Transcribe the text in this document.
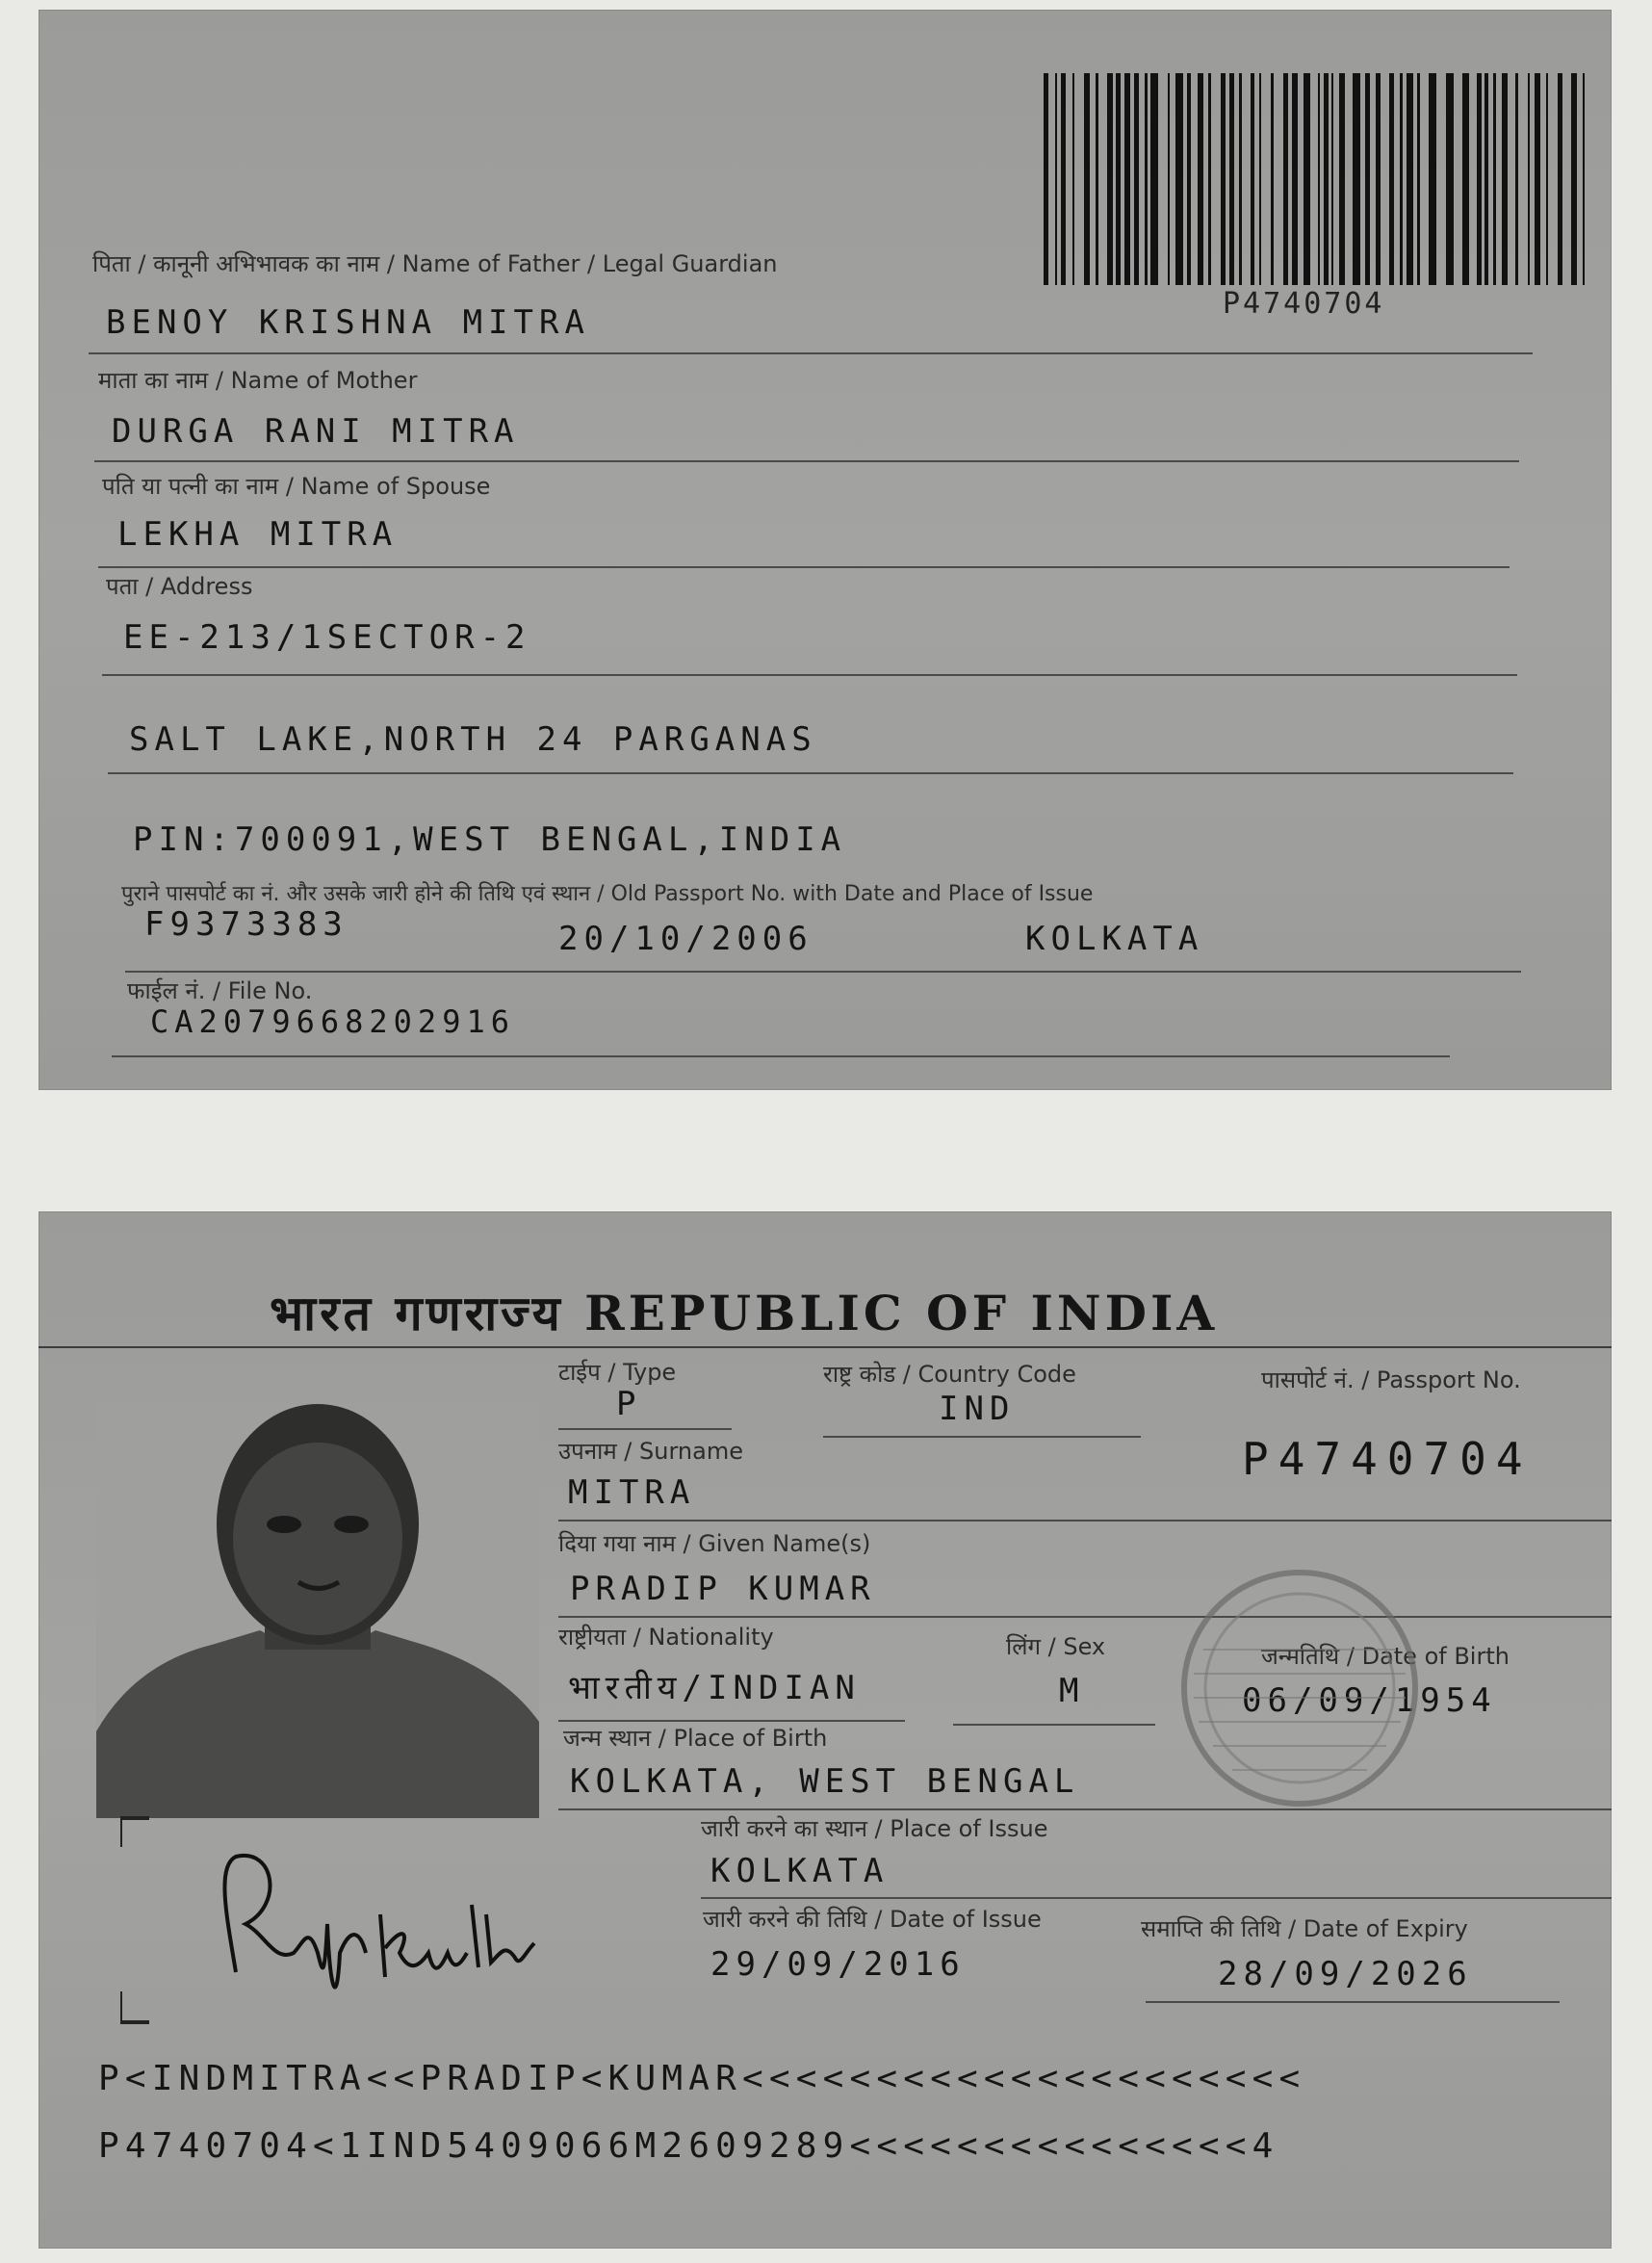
P4740704
पिता / कानूनी अभिभावक का नाम / Name of Father / Legal Guardian
BENOY KRISHNA MITRA
माता का नाम / Name of Mother
DURGA RANI MITRA
पति या पत्नी का नाम / Name of Spouse
LEKHA MITRA
पता / Address
EE-213/1SECTOR-2
SALT LAKE,NORTH 24 PARGANAS
PIN:700091,WEST BENGAL,INDIA
पुराने पासपोर्ट का नं. और उसके जारी होने की तिथि एवं स्थान / Old Passport No. with Date and Place of Issue
F9373383	20/10/2006	KOLKATA
फाईल नं. / File No.
CA2079668202916
भारत गणराज्य REPUBLIC OF INDIA
टाईप / Type
P
राष्ट्र कोड / Country Code
IND
पासपोर्ट नं. / Passport No.
P4740704
उपनाम / Surname
MITRA
दिया गया नाम / Given Name(s)
PRADIP KUMAR
राष्ट्रीयता / Nationality
भारतीय/INDIAN
लिंग / Sex
M
जन्मतिथि / Date of Birth
06/09/1954
जन्म स्थान / Place of Birth
KOLKATA, WEST BENGAL
जारी करने का स्थान / Place of Issue
KOLKATA
जारी करने की तिथि / Date of Issue
29/09/2016
समाप्ति की तिथि / Date of Expiry
28/09/2026
P<INDMITRA<<PRADIP<KUMAR<<<<<<<<<<<<<<<<<<<<<
P4740704<1IND5409066M2609289<<<<<<<<<<<<<<<4
